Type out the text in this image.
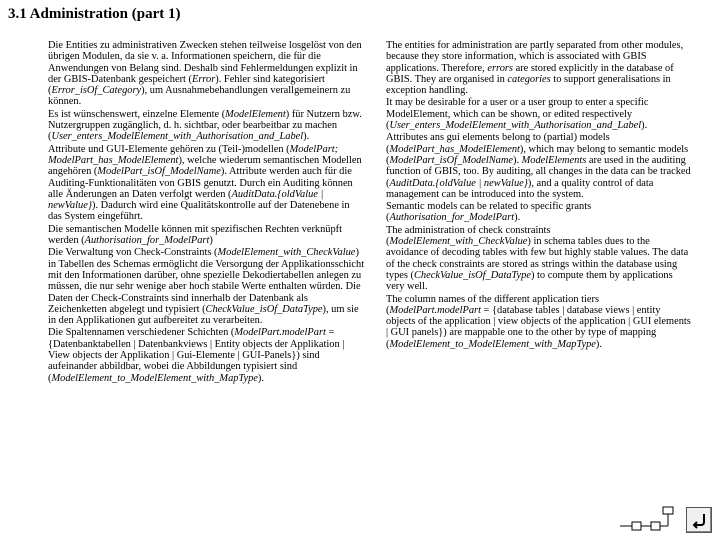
3.1 Administration (part 1)

Die Entities zu administrativen Zwecken stehen teilweise losgelöst von den übrigen Modulen, da sie v. a. Informationen speichern, die für die Anwendungen von Belang sind. Deshalb sind Fehlermeldungen explizit in der GBIS-Datenbank gespeichert (Error). Fehler sind kategorisiert (Error_isOf_Category), um Ausnahmebehandlungen verallgemeinern zu können.

Es ist wünschenswert, einzelne Elemente (ModelElement) für Nutzern bzw. Nutzergruppen zugänglich, d. h. sichtbar, oder bearbeitbar zu machen (User_enters_ModelElement_with_Authorisation_and_Label).

Attribute und GUI-Elemente gehören zu (Teil-)modellen (ModelPart; ModelPart_has_ModelElement), welche wiederum semantischen Modellen angehören (ModelPart_isOf_ModelName). Attribute werden auch für die Auditing-Funktionalitäten von GBIS genutzt. Durch ein Auditing können alle Änderungen an Daten verfolgt werden (AuditData.{oldValue | newValue}). Dadurch wird eine Qualitätskontrolle auf der Datenebene in das System eingeführt.

Die semantischen Modelle können mit spezifischen Rechten verknüpft werden (Authorisation_for_ModelPart)

Die Verwaltung von Check-Constraints (ModelElement_with_CheckValue) in Tabellen des Schemas ermöglicht die Versorgung der Applikationsschicht mit den Informationen darüber, ohne spezielle Dekodiertabellen anlegen zu müssen, die nur sehr wenige aber hoch stabile Werte enthalten würden. Die Daten der Check-Constraints sind innerhalb der Datenbank als Zeichenketten abgelegt und typisiert (CheckValue_isOf_DataType), um sie in den Applikationen gut aufbereitet zu verarbeiten.

Die Spaltennamen verschiedener Schichten (ModelPart.modelPart = {Datenbanktabellen | Datenbankviews | Entity objects der Applikation | View objects der Applikation | Gui-Elemente | GUI-Panels}) sind aufeinander abbildbar, wobei die Abbildungen typisiert sind (ModelElement_to_ModelElement_with_MapType).

The entities for administration are partly separated from other modules, because they store information, which is associated with GBIS applications. Therefore, errors are stored explicitly in the database of GBIS. They are organised in categories to support generalisations in exception handling.

It may be desirable for a user or a user group to enter a specific ModelElement, which can be shown, or edited respectively (User_enters_ModelElement_with_Authorisation_and_Label).

Attributes ans gui elements belong to (partial) models (ModelPart_has_ModelElement), which may belong to semantic models (ModelPart_isOf_ModelName). ModelElements are used in the auditing function of GBIS, too. By auditing, all changes in the data can be tracked (AuditData.{oldValue | newValue}), and a quality control of data management can be introduced into the system.

Semantic models can be related to specific grants (Authorisation_for_ModelPart).

The administration of check constraints (ModelElement_with_CheckValue) in schema tables dues to the avoidance of decoding tables with few but highly stable values. The data of the check constraints are stored as strings within the database using types (CheckValue_isOf_DataType) to compute them by applications very well.

The column names of the different application tiers (ModelPart.modelPart = {database tables | database views | entity objects of the application | view objects of the application | GUI elements | GUI panels}) are mappable one to the other by type of mapping (ModelElement_to_ModelElement_with_MapType).
